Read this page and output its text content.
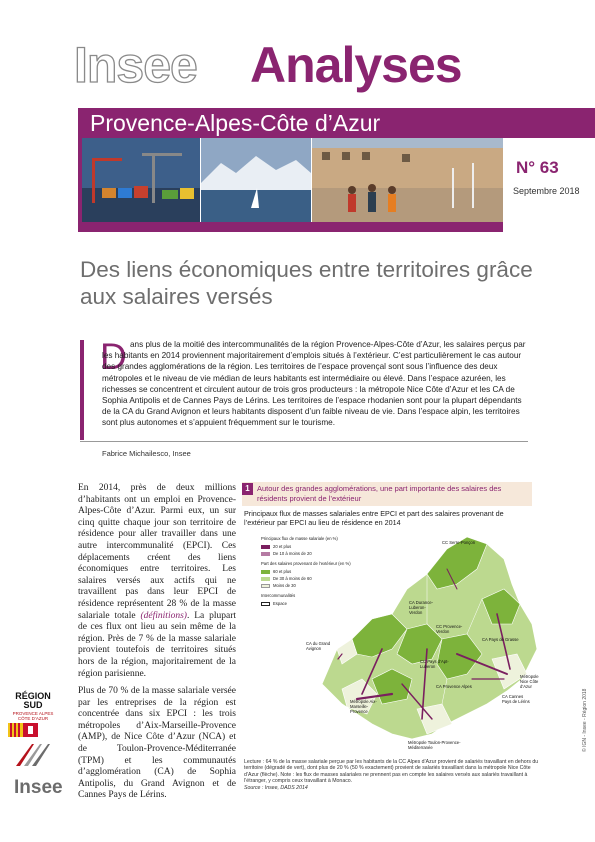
Insee Analyses
Provence-Alpes-Côte d’Azur
N° 63
Septembre 2018
Des liens économiques entre territoires grâce aux salaires versés
D ans plus de la moitié des intercommunalités de la région Provence-Alpes-Côte d’Azur, les salaires perçus par les habitants en 2014 proviennent majoritairement d’emplois situés à l’extérieur. C’est particulièrement le cas autour des grandes agglomérations de la région. Les territoires de l’espace provençal sont sous l’influence des deux métropoles et le niveau de vie médian de leurs habitants est intermédiaire ou élevé. Dans l’espace azuréen, les richesses se concentrent et circulent autour de trois gros producteurs : la métropole Nice Côte d’Azur et les CA de Sophia Antipolis et de Cannes Pays de Lérins. Les territoires de l’espace rhodanien sont pour la plupart dépendants de la CA du Grand Avignon et leurs habitants disposent d’un faible niveau de vie. Dans l’espace alpin, les territoires sont plus autonomes et s’appuient fréquemment sur le tourisme.

Fabrice Michailesco, Insee

En 2014, près de deux millions d’habitants ont un emploi en Provence-Alpes-Côte d’Azur. Parmi eux, un sur cinq quitte chaque jour son territoire de résidence pour aller travailler dans une autre intercommunalité (EPCI). Ces déplacements créent des liens économiques entre territoires. Les salaires versés aux actifs qui ne travaillent pas dans leur EPCI de résidence représentent 28 % de la masse salariale totale (définitions). La plupart de ces flux ont lieu au sein même de la région. Près de 7 % de la masse salariale provient toutefois de territoires situés hors de la région, majoritairement de la région parisienne.

Plus de 70 % de la masse salariale versée par les entreprises de la région est concentrée dans six EPCI : les trois métropoles d’Aix-Marseille-Provence (AMP), de Nice Côte d’Azur (NCA) et de Toulon-Provence-Méditerranée (TPM) et les communautés d’agglomération (CA) de Sophia Antipolis, du Grand Avignon et de Cannes Pays de Lérins.

RÉGION
SUD
PROVENCE ALPES CÔTE D’AZUR
Insee
1 Autour des grandes agglomérations, une part importante des salaires des résidents provient de l’extérieur
Principaux flux de masses salariales entre EPCI et part des salaires provenant de l’extérieur par EPCI au lieu de résidence en 2014
Principaux flux de masse salariale (en %)
20 et plus
De 10 à moins de 20
Part des salaires provenant de l’extérieur (en %)
60 et plus
De 30 à moins de 60
Moins de 30
Intercommunalités
Espace
CC Serre-Ponçon
CA Durance-Luberon-Verdon
CC Provence-Verdon
CA Pays de Grasse
CA du Grand Avignon
CC Pays d’Apt-Luberon
CA Provence Alpes
CA Cannes Pays de Lérins
Métropole Nice Côte d’Azur
Métropole Aix-Marseille-Provence
Métropole Toulon-Provence-Méditerranée	© IGN - Insee - Région 2018
Lecture : 64 % de la masse salariale perçue par les habitants de la CC Alpes d’Azur provient de salariés travaillant en dehors du territoire (dégradé de vert), dont plus de 20 % (50 % exactement) provient de salariés travaillant dans la métropole Nice Côte d’Azur (flèche). Note : les flux de masses salariales ne prennent pas en compte les salaires versés aux salariés travaillant à l’étranger, y compris ceux travaillant à Monaco.
Source : Insee, DADS 2014
